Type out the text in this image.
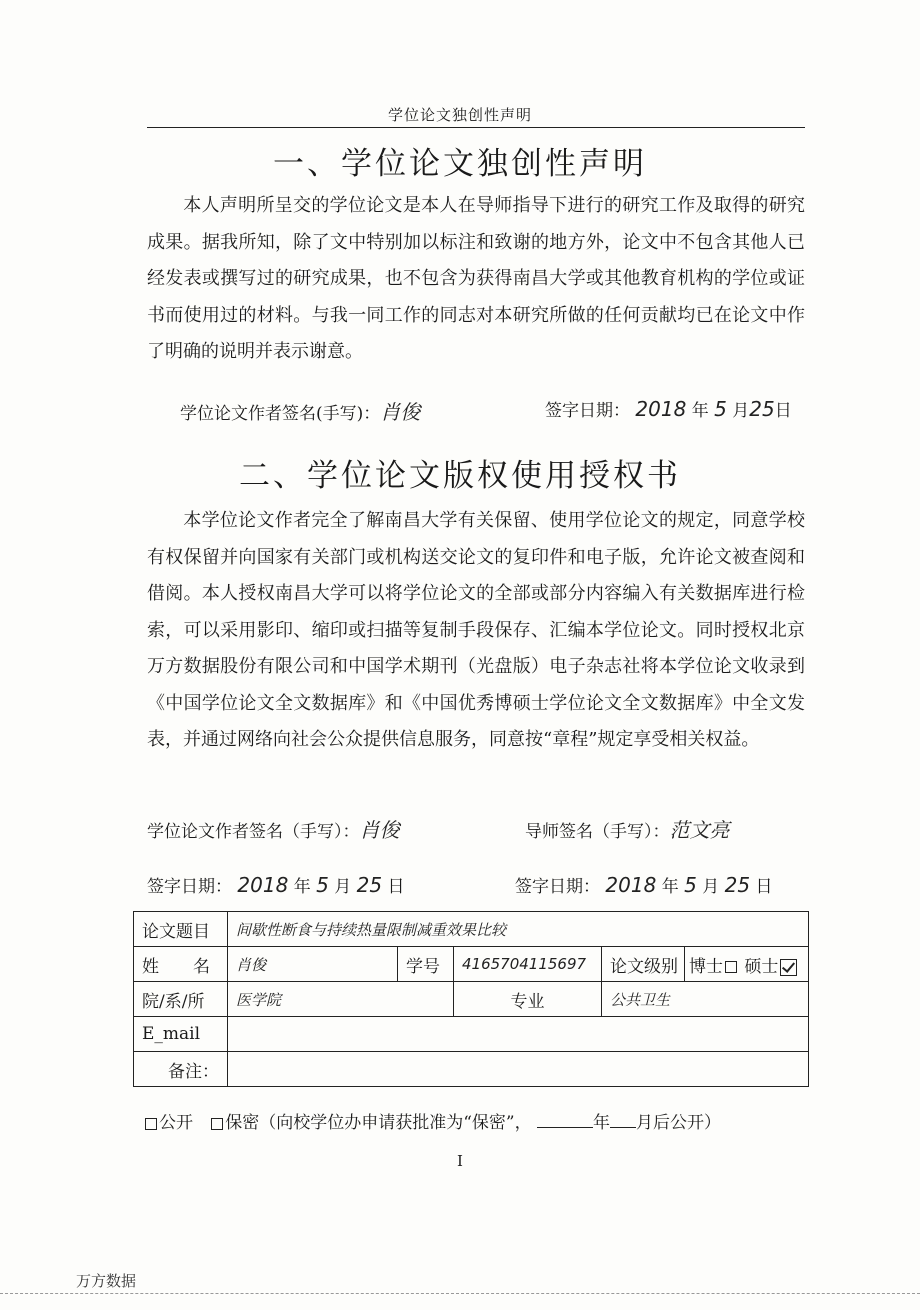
学位论文独创性声明
一、学位论文独创性声明
本人声明所呈交的学位论文是本人在导师指导下进行的研究工作及取得的研究成果。据我所知，除了文中特别加以标注和致谢的地方外，论文中不包含其他人已经发表或撰写过的研究成果，也不包含为获得南昌大学或其他教育机构的学位或证书而使用过的材料。与我一同工作的同志对本研究所做的任何贡献均已在论文中作了明确的说明并表示谢意。
学位论文作者签名(手写)：肖俊	签字日期： 2018 年 5 月25日
二、学位论文版权使用授权书
本学位论文作者完全了解南昌大学有关保留、使用学位论文的规定，同意学校有权保留并向国家有关部门或机构送交论文的复印件和电子版，允许论文被查阅和借阅。本人授权南昌大学可以将学位论文的全部或部分内容编入有关数据库进行检索，可以采用影印、缩印或扫描等复制手段保存、汇编本学位论文。同时授权北京万方数据股份有限公司和中国学术期刊（光盘版）电子杂志社将本学位论文收录到《中国学位论文全文数据库》和《中国优秀博硕士学位论文全文数据库》中全文发表，并通过网络向社会公众提供信息服务，同意按“章程”规定享受相关权益。
学位论文作者签名（手写）：肖俊	导师签名（手写）：范文亮
签字日期： 2018 年 5 月 25 日	签字日期： 2018 年 5 月 25 日
论文题目	间歇性断食与持续热量限制减重效果比较				
姓　　名	肖俊	学号	4165704115697	论文级别	博士 硕士
院/系/所	医学院		专业	公共卫生	
E_mail					
备注：					
公开 保密（向校学位办申请获批准为“保密”，	年 月后公开）
I
万方数据
